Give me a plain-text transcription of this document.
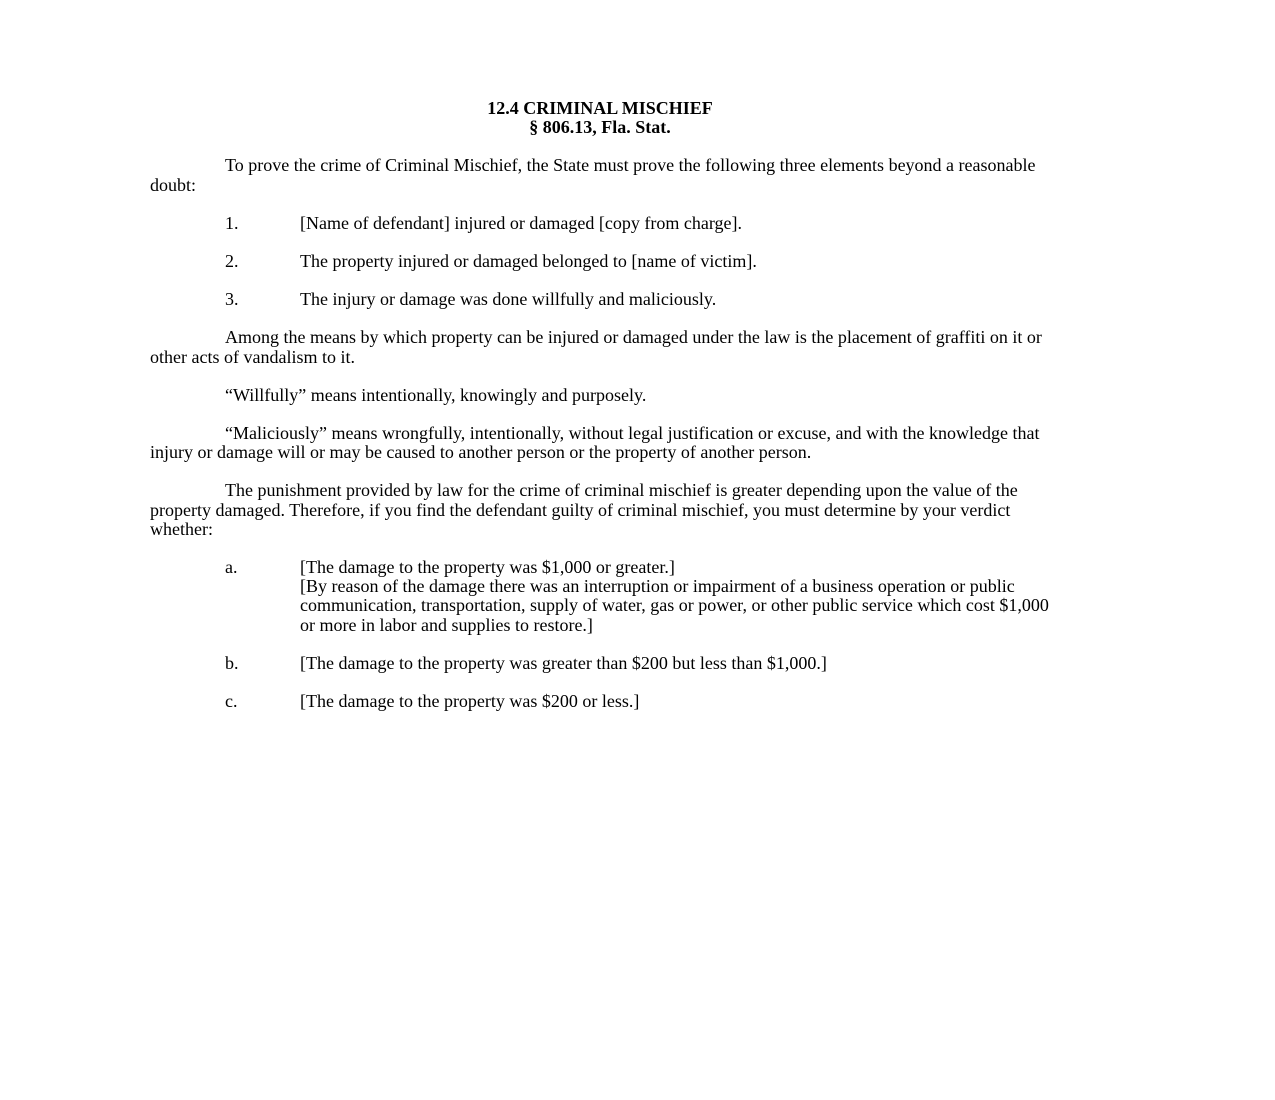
12.4 CRIMINAL MISCHIEF
§ 806.13, Fla. Stat.

To prove the crime of Criminal Mischief, the State must prove the following three elements beyond a reasonable doubt:

1.	[Name of defendant] injured or damaged [copy from charge].
2.	The property injured or damaged belonged to [name of victim].
3.	The injury or damage was done willfully and maliciously.

Among the means by which property can be injured or damaged under the law is the placement of graffiti on it or other acts of vandalism to it.

“Willfully” means intentionally, knowingly and purposely.

“Maliciously” means wrongfully, intentionally, without legal justification or excuse, and with the knowledge that injury or damage will or may be caused to another person or the property of another person.

The punishment provided by law for the crime of criminal mischief is greater depending upon the value of the property damaged. Therefore, if you find the defendant guilty of criminal mischief, you must determine by your verdict whether:

a.	[The damage to the property was $1,000 or greater.]
[By reason of the damage there was an interruption or impairment of a business operation or public communication, transportation, supply of water, gas or power, or other public service which cost $1,000 or more in labor and supplies to restore.]
b.	[The damage to the property was greater than $200 but less than $1,000.]
c.	[The damage to the property was $200 or less.]
